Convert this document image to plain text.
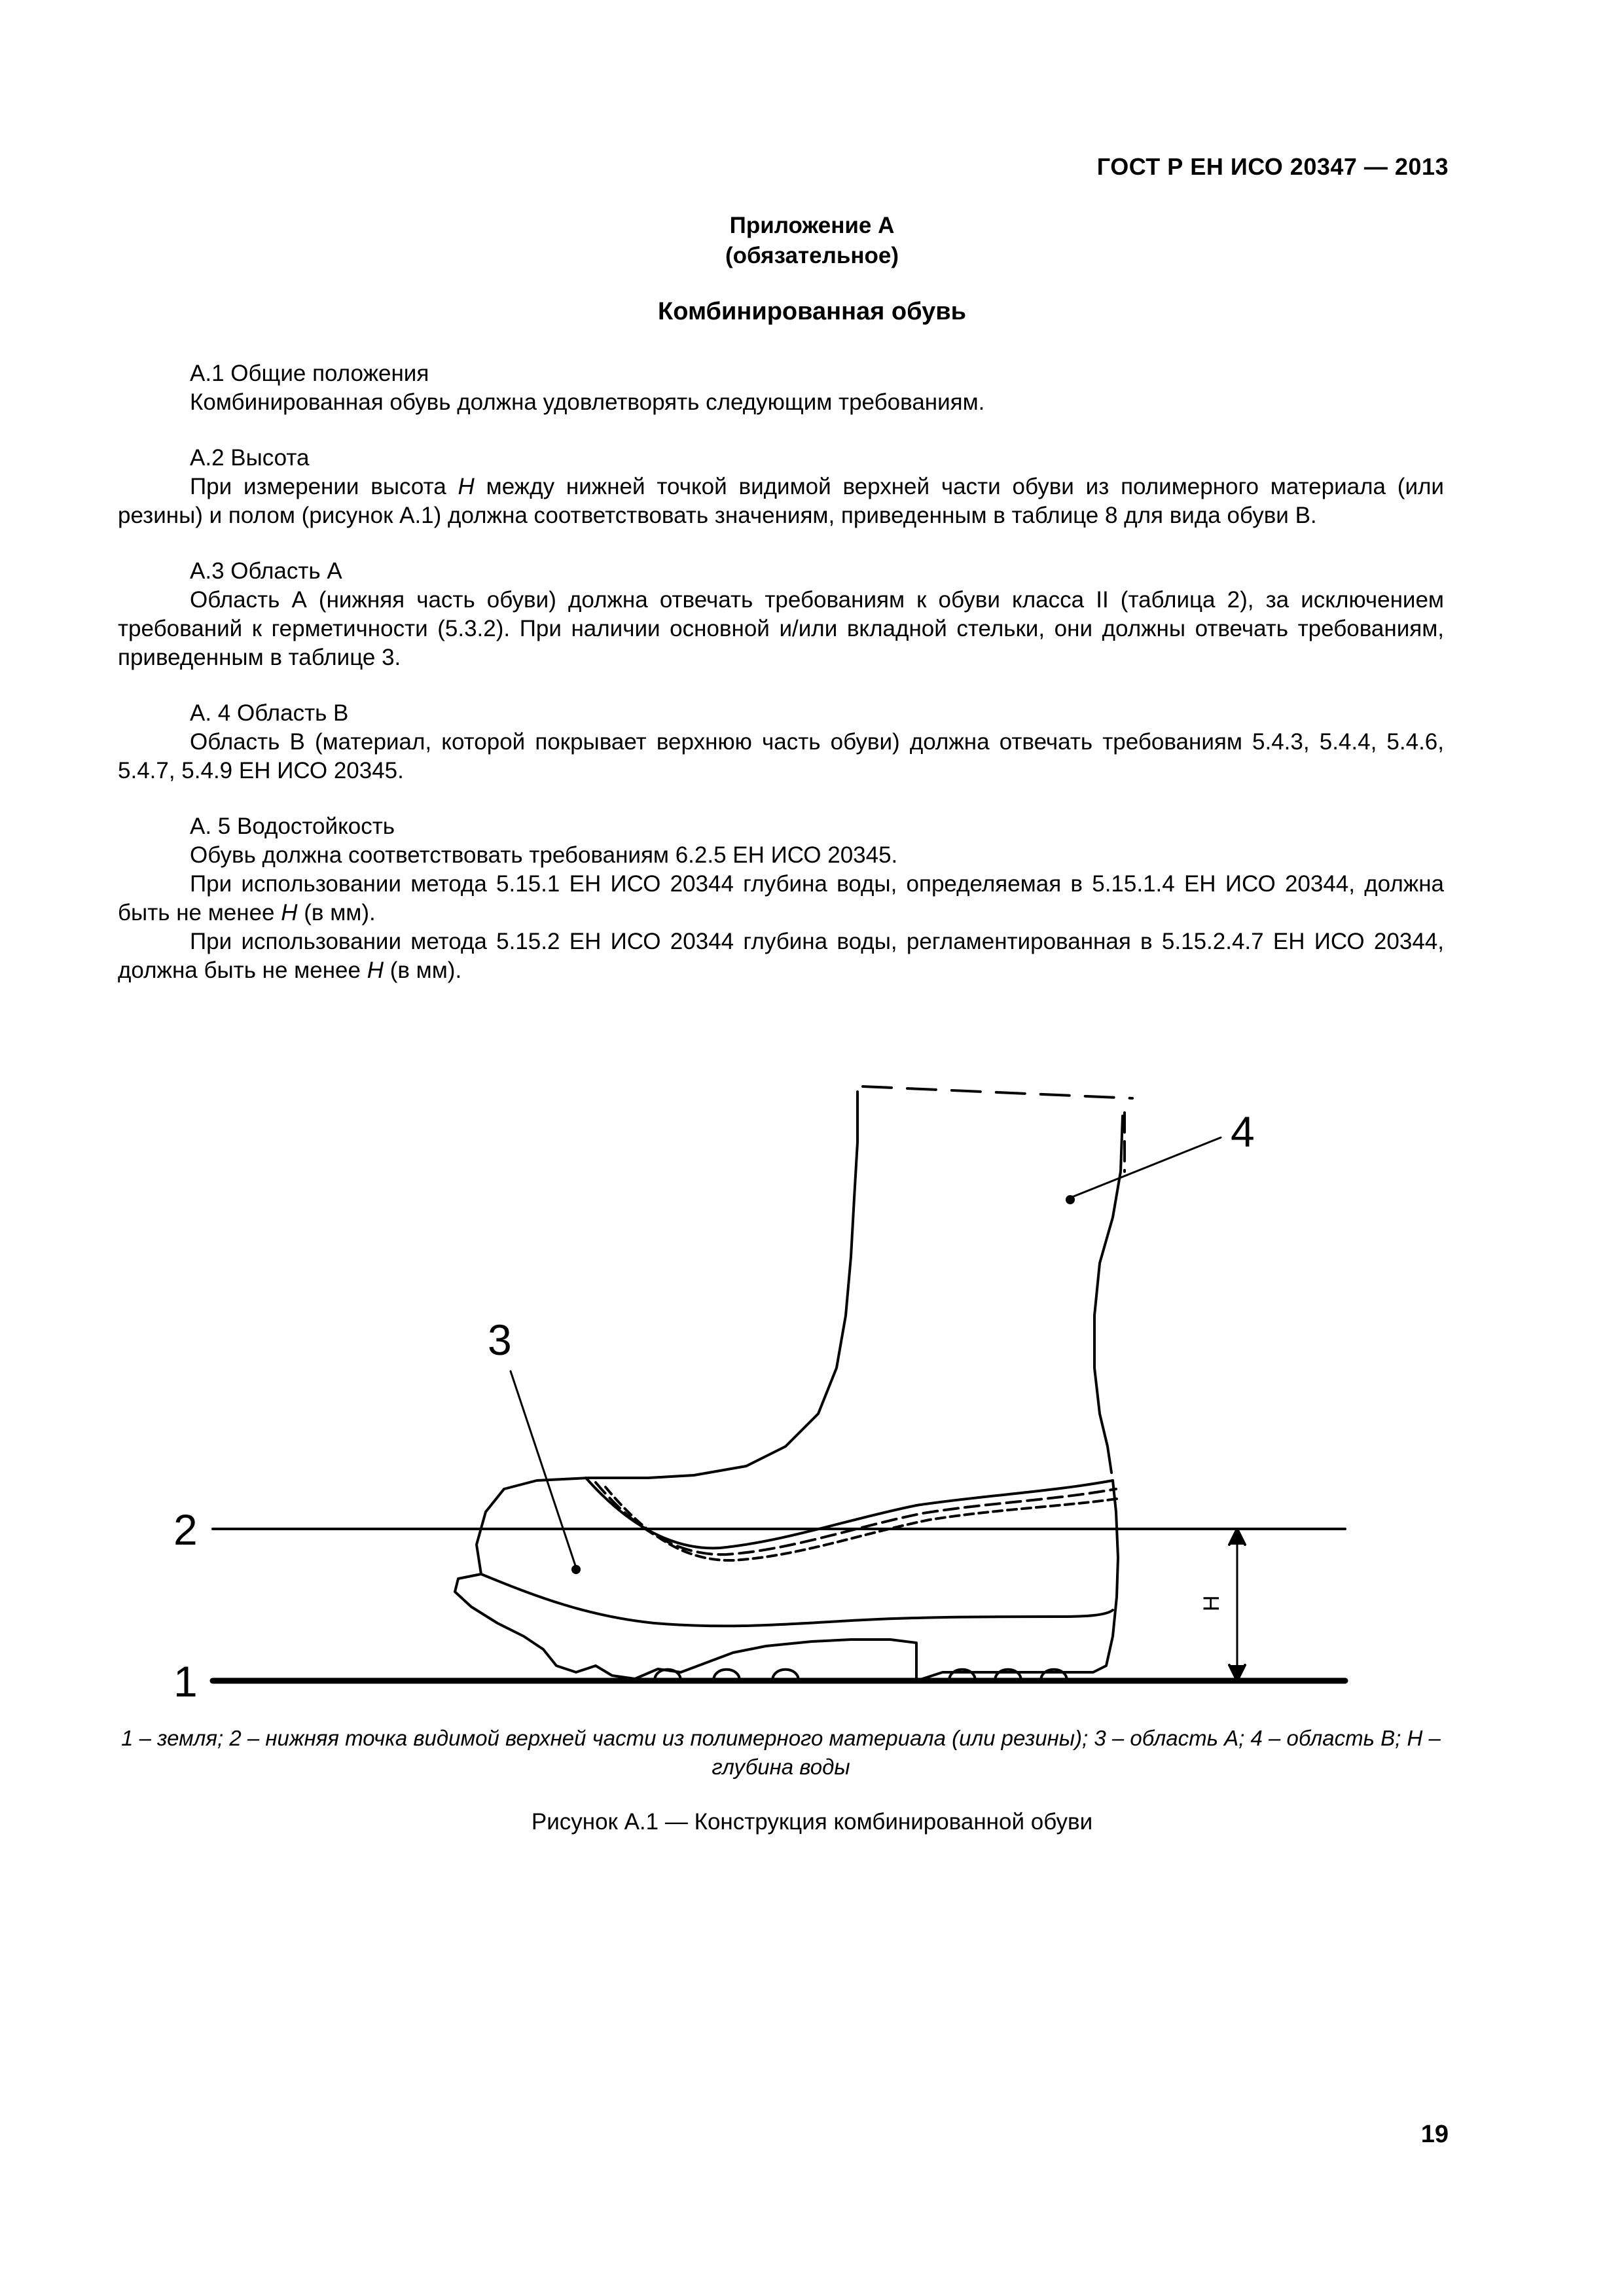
ГОСТ Р ЕН ИСО 20347 — 2013
Приложение А
(обязательное)
Комбинированная обувь
А.1 Общие положения
Комбинированная обувь должна удовлетворять следующим требованиям.
А.2 Высота
При измерении высота H между нижней точкой видимой верхней части обуви из полимерного материала (или резины) и полом (рисунок А.1) должна соответствовать значениям, приведенным в таблице 8 для вида обуви В.
А.3 Область А
Область А (нижняя часть обуви) должна отвечать требованиям к обуви класса II (таблица 2), за исключением требований к герметичности (5.3.2). При наличии основной и/или вкладной стельки, они должны отвечать требованиям, приведенным в таблице 3.
А. 4 Область В
Область В (материал, которой покрывает верхнюю часть обуви) должна отвечать требованиям 5.4.3, 5.4.4, 5.4.6, 5.4.7, 5.4.9 ЕН ИСО 20345.
А. 5 Водостойкость
Обувь должна соответствовать требованиям 6.2.5 ЕН ИСО 20345.
При использовании метода 5.15.1 ЕН ИСО 20344 глубина воды, определяемая в 5.15.1.4 ЕН ИСО 20344, должна быть не менее H (в мм).
При использовании метода 5.15.2 ЕН ИСО 20344 глубина воды, регламентированная в 5.15.2.4.7 ЕН ИСО 20344, должна быть не менее H (в мм).
1
2
3
4
H
1 – земля; 2 – нижняя точка видимой верхней части из полимерного материала (или резины); 3 – область А; 4 – область В; H – глубина воды
Рисунок А.1 — Конструкция комбинированной обуви
19
